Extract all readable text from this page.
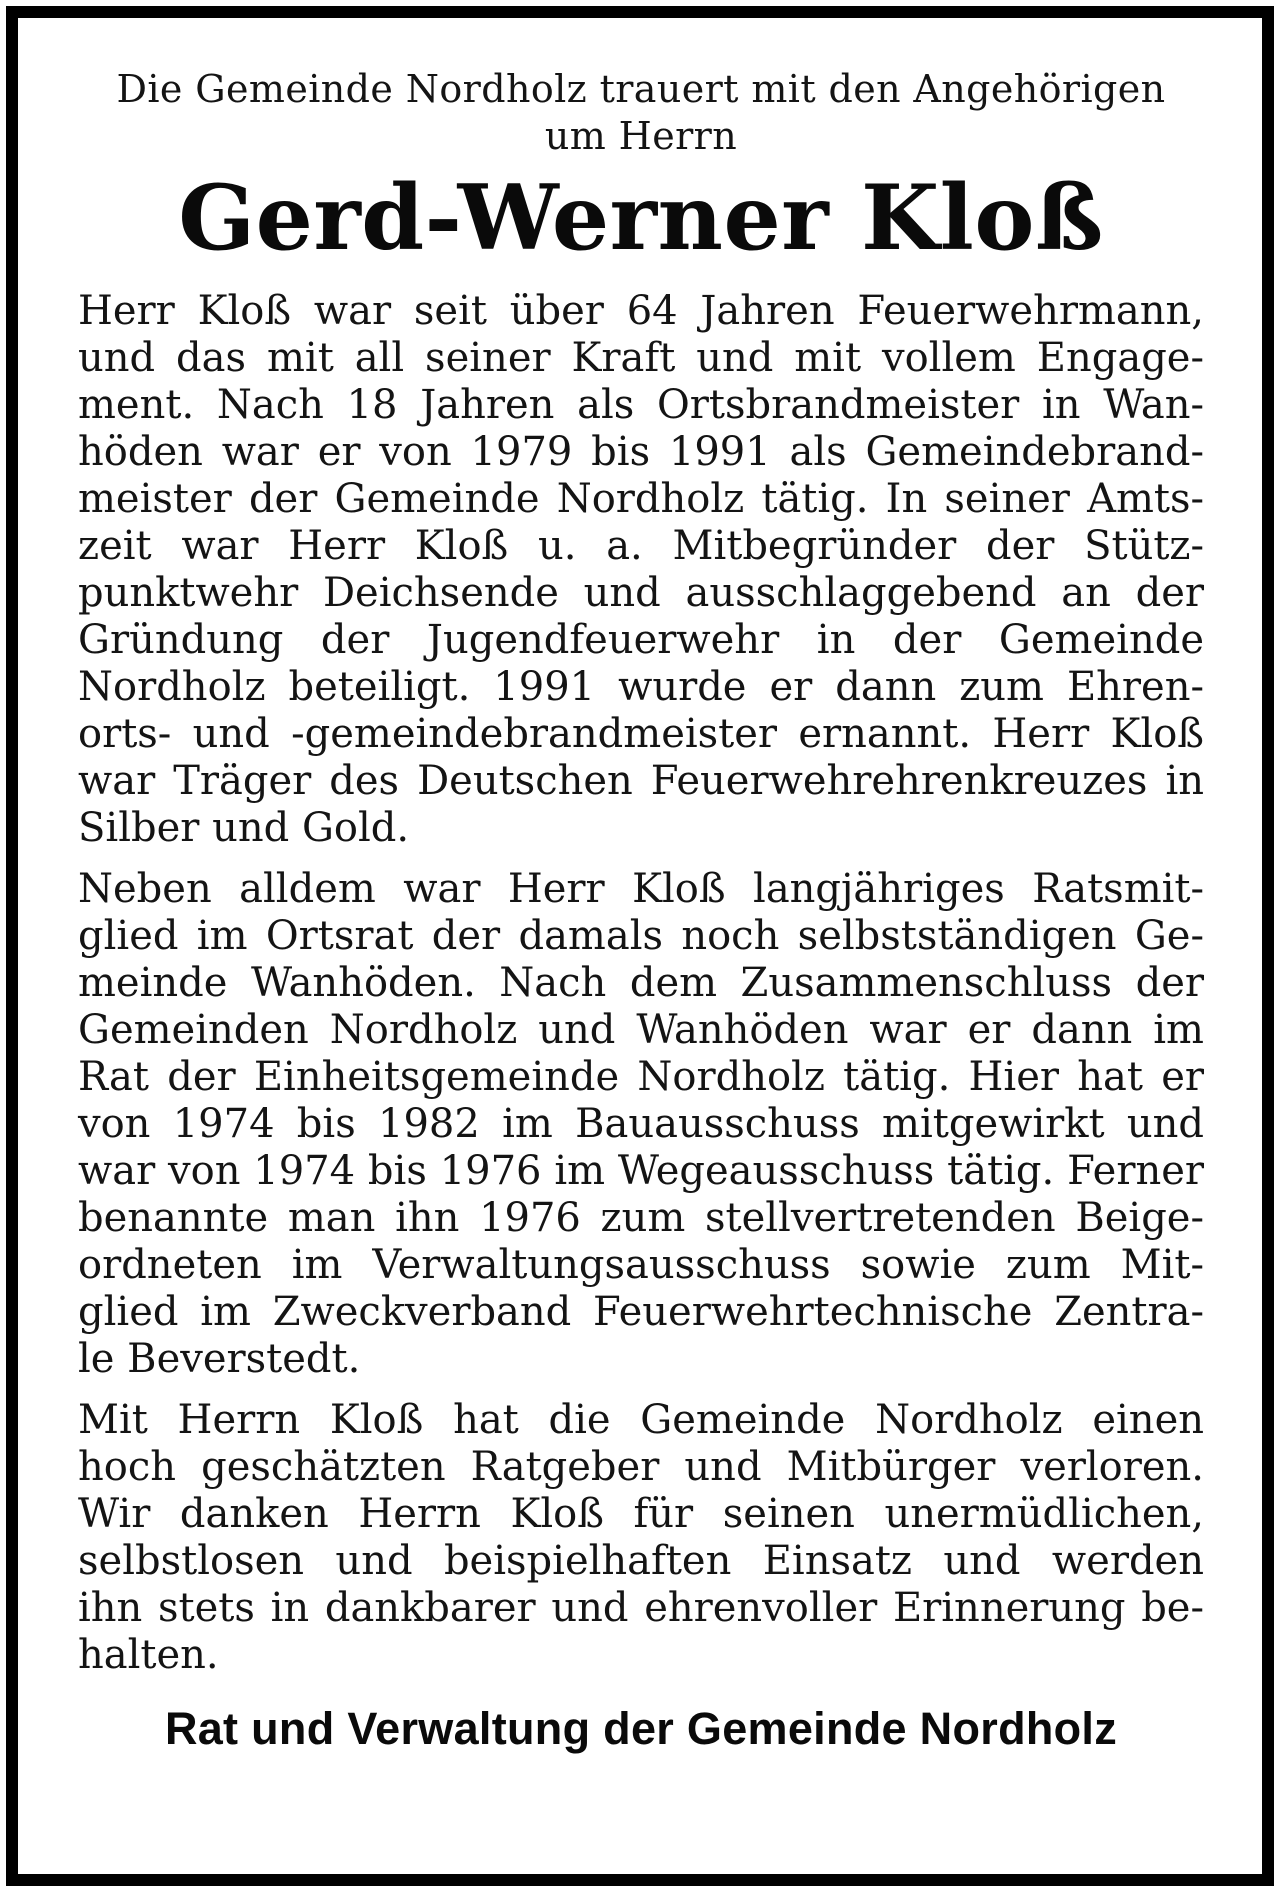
Die Gemeinde Nordholz trauert mit den Angehörigen
um Herrn

Gerd-Werner Kloß

Herr Kloß war seit über 64 Jahren Feuerwehrmann,
und das mit all seiner Kraft und mit vollem Engage-
ment. Nach 18 Jahren als Ortsbrandmeister in Wan-
höden war er von 1979 bis 1991 als Gemeindebrand-
meister der Gemeinde Nordholz tätig. In seiner Amts-
zeit war Herr Kloß u. a. Mitbegründer der Stütz-
punktwehr Deichsende und ausschlaggebend an der
Gründung der Jugendfeuerwehr in der Gemeinde
Nordholz beteiligt. 1991 wurde er dann zum Ehren-
orts- und -gemeindebrandmeister ernannt. Herr Kloß
war Träger des Deutschen Feuerwehrehrenkreuzes in
Silber und Gold.

Neben alldem war Herr Kloß langjähriges Ratsmit-
glied im Ortsrat der damals noch selbstständigen Ge-
meinde Wanhöden. Nach dem Zusammenschluss der
Gemeinden Nordholz und Wanhöden war er dann im
Rat der Einheitsgemeinde Nordholz tätig. Hier hat er
von 1974 bis 1982 im Bauausschuss mitgewirkt und
war von 1974 bis 1976 im Wegeausschuss tätig. Ferner
benannte man ihn 1976 zum stellvertretenden Beige-
ordneten im Verwaltungsausschuss sowie zum Mit-
glied im Zweckverband Feuerwehrtechnische Zentra-
le Beverstedt.

Mit Herrn Kloß hat die Gemeinde Nordholz einen
hoch geschätzten Ratgeber und Mitbürger verloren.
Wir danken Herrn Kloß für seinen unermüdlichen,
selbstlosen und beispielhaften Einsatz und werden
ihn stets in dankbarer und ehrenvoller Erinnerung be-
halten.

Rat und Verwaltung der Gemeinde Nordholz
